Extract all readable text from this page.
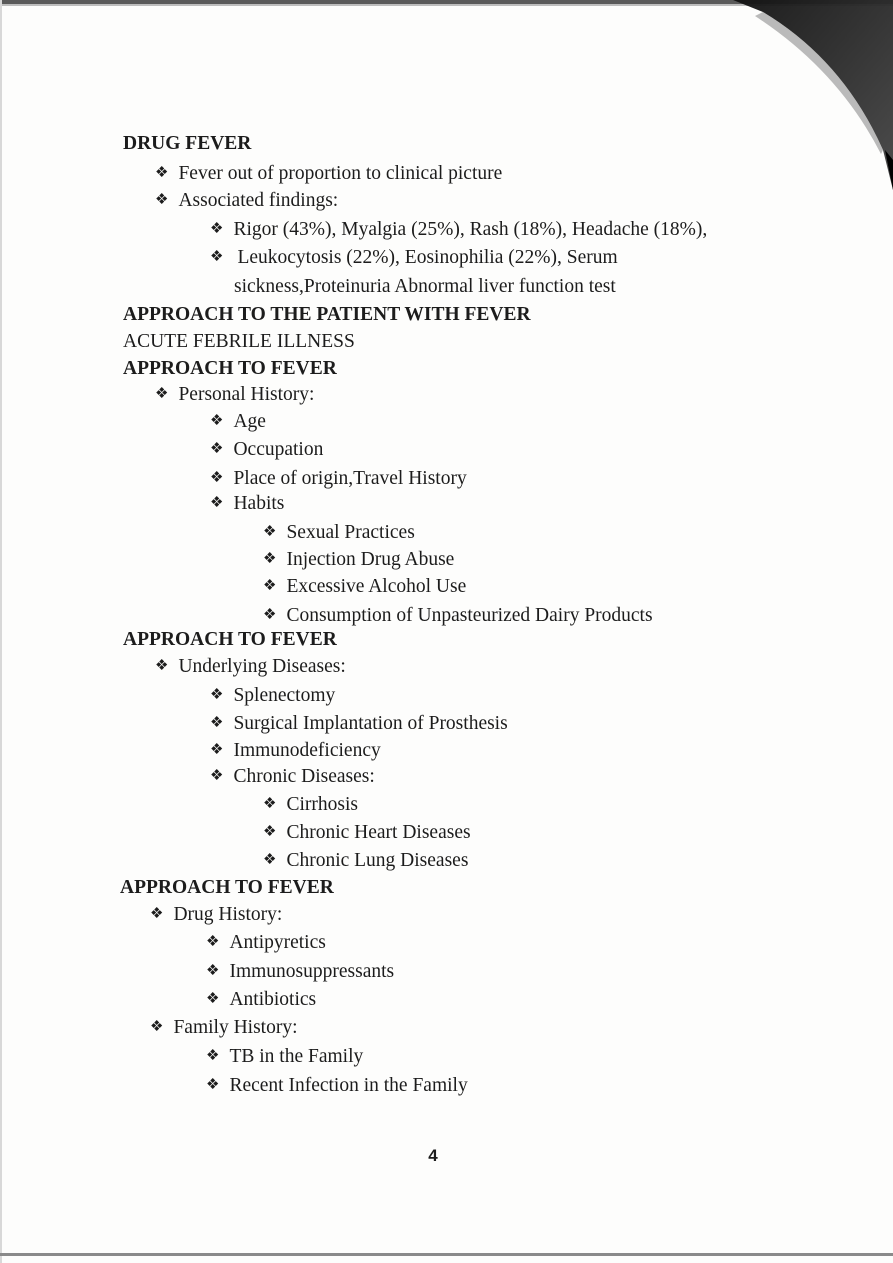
DRUG FEVER
❖ Fever out of proportion to clinical picture
❖ Associated findings:
❖ Rigor (43%), Myalgia (25%), Rash (18%), Headache (18%),
❖ Leukocytosis (22%), Eosinophilia (22%), Serum
sickness,Proteinuria Abnormal liver function test
APPROACH TO THE PATIENT WITH FEVER
ACUTE FEBRILE ILLNESS
APPROACH TO FEVER
❖ Personal History:
❖ Age
❖ Occupation
❖ Place of origin,Travel History
❖ Habits
❖ Sexual Practices
❖ Injection Drug Abuse
❖ Excessive Alcohol Use
❖ Consumption of Unpasteurized Dairy Products
APPROACH TO FEVER
❖ Underlying Diseases:
❖ Splenectomy
❖ Surgical Implantation of Prosthesis
❖ Immunodeficiency
❖ Chronic Diseases:
❖ Cirrhosis
❖ Chronic Heart Diseases
❖ Chronic Lung Diseases
APPROACH TO FEVER
❖ Drug History:
❖ Antipyretics
❖ Immunosuppressants
❖ Antibiotics
❖ Family History:
❖ TB in the Family
❖ Recent Infection in the Family
4
